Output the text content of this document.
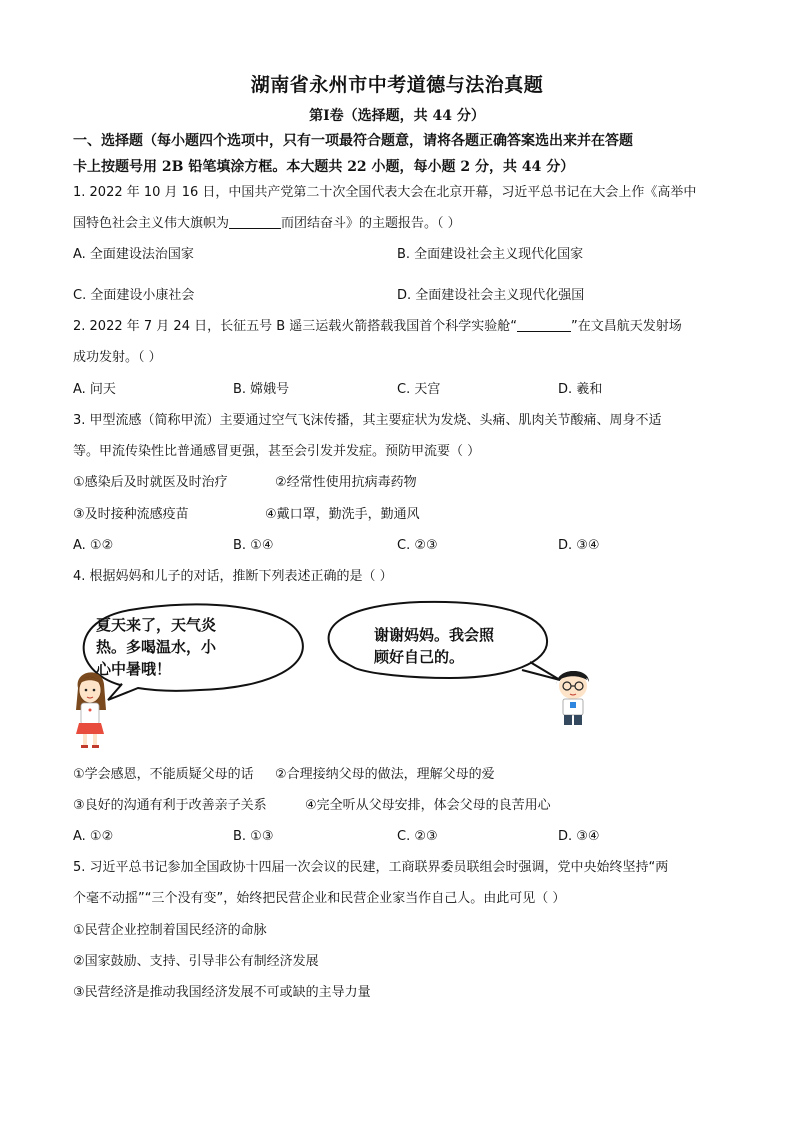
湖南省永州市中考道德与法治真题
第Ⅰ卷（选择题，共 44 分）
一、选择题（每小题四个选项中，只有一项最符合题意，请将各题正确答案选出来并在答题
卡上按题号用 2B 铅笔填涂方框。本大题共 22 小题，每小题 2 分，共 44 分）
1. 2022 年 10 月 16 日，中国共产党第二十次全国代表大会在北京开幕，习近平总书记在大会上作《高举中
国特色社会主义伟大旗帜为	而团结奋斗》的主题报告。（ ）
A. 全面建设法治国家	B. 全面建设社会主义现代化国家
C. 全面建设小康社会	D. 全面建设社会主义现代化强国
2. 2022 年 7 月 24 日，长征五号 B 遥三运载火箭搭载我国首个科学实验舱“	”在文昌航天发射场
成功发射。（ ）
A. 问天	B. 嫦娥号	C. 天宫	D. 羲和
3. 甲型流感（简称甲流）主要通过空气飞沫传播，其主要症状为发烧、头痛、肌肉关节酸痛、周身不适
等。甲流传染性比普通感冒更强，甚至会引发并发症。预防甲流要（ ）
①感染后及时就医及时治疗	②经常性使用抗病毒药物
③及时接种流感疫苗	④戴口罩，勤洗手，勤通风
A. ①②	B. ①④	C. ②③	D. ③④
4. 根据妈妈和儿子的对话，推断下列表述正确的是（ ）
夏天来了，天气炎
热。多喝温水，小
心中暑哦！
谢谢妈妈。我会照
顾好自己的。
①学会感恩，不能质疑父母的话 ②合理接纳父母的做法，理解父母的爱
③良好的沟通有利于改善亲子关系	④完全听从父母安排，体会父母的良苦用心
A. ①②	B. ①③	C. ②③	D. ③④
5. 习近平总书记参加全国政协十四届一次会议的民建，工商联界委员联组会时强调，党中央始终坚持“两
个毫不动摇”“三个没有变”，始终把民营企业和民营企业家当作自己人。由此可见（ ）
①民营企业控制着国民经济的命脉
②国家鼓励、支持、引导非公有制经济发展
③民营经济是推动我国经济发展不可或缺的主导力量
